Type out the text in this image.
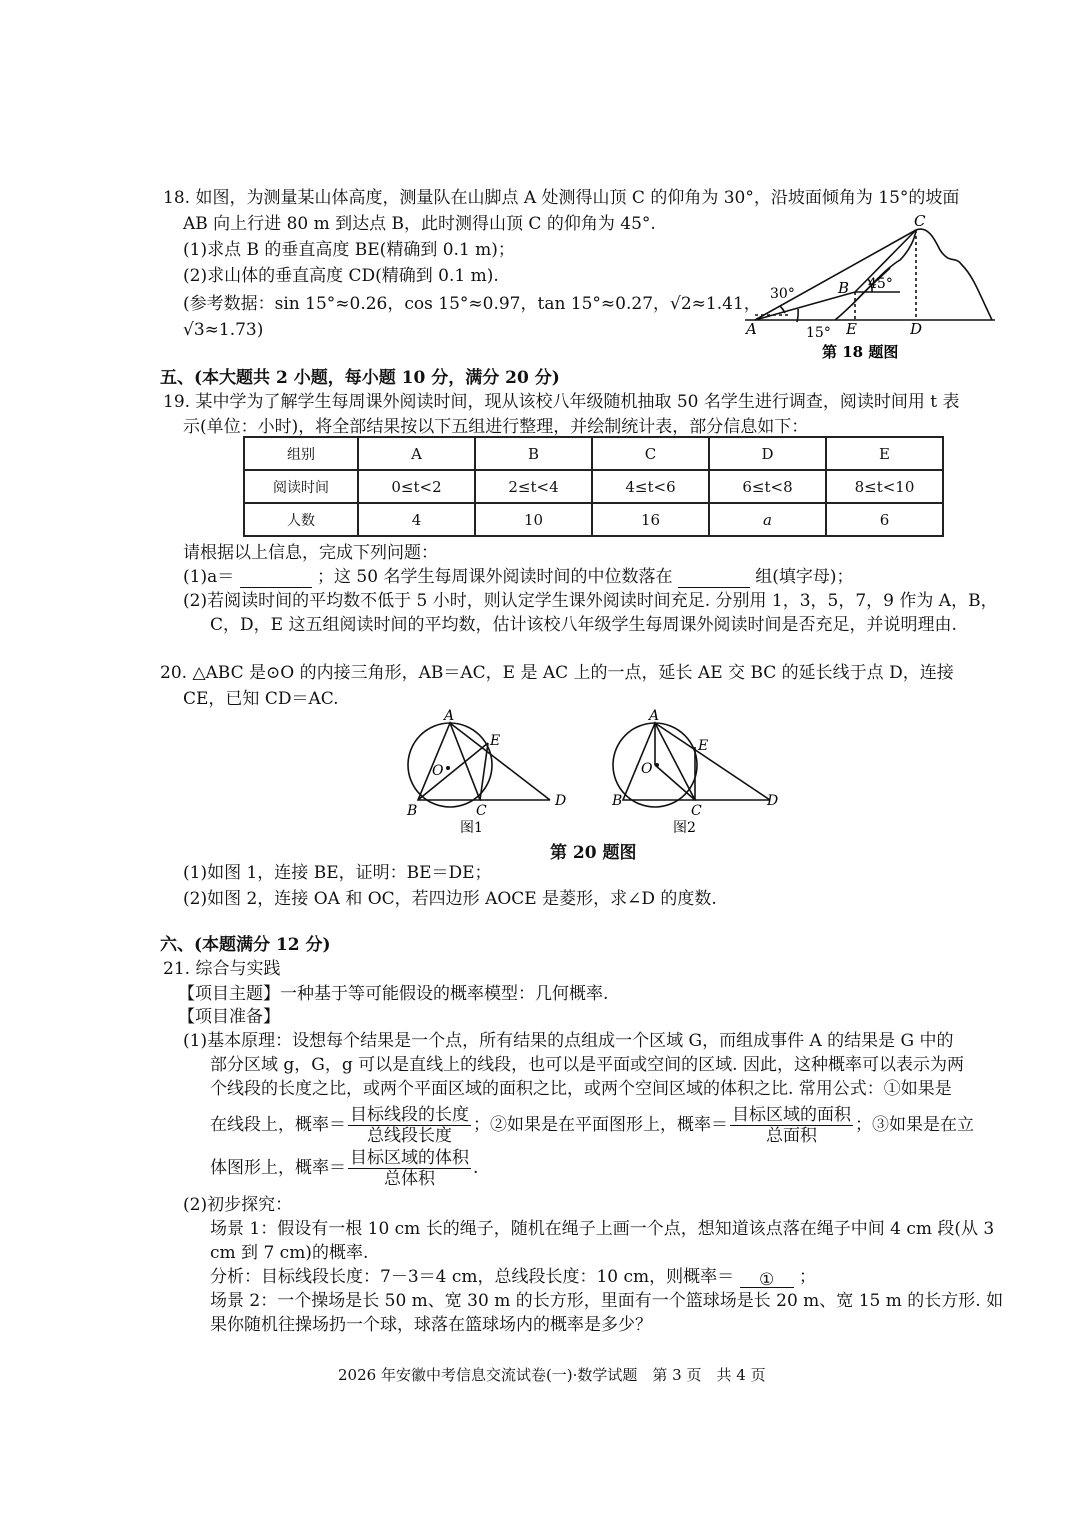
18. 如图，为测量某山体高度，测量队在山脚点 A 处测得山顶 C 的仰角为 30°，沿坡面倾角为 15°的坡面
AB 向上行进 80 m 到达点 B，此时测得山顶 C 的仰角为 45°.
(1)求点 B 的垂直高度 BE(精确到 0.1 m)；
(2)求山体的垂直高度 CD(精确到 0.1 m).
(参考数据：sin 15°≈0.26，cos 15°≈0.97，tan 15°≈0.27，√2≈1.41，
√3≈1.73)
C
B
A	E	D
30°
45°
15°
第 18 题图
五、(本大题共 2 小题，每小题 10 分，满分 20 分)
19. 某中学为了解学生每周课外阅读时间，现从该校八年级随机抽取 50 名学生进行调查，阅读时间用 t 表
示(单位：小时)，将全部结果按以下五组进行整理，并绘制统计表，部分信息如下：
组别	A	B	C	D	E
阅读时间	0≤t<2	2≤t<4	4≤t<6	6≤t<8	8≤t<10
人数	4	10	16	a	6
请根据以上信息，完成下列问题：
(1)a＝	；这 50 名学生每周课外阅读时间的中位数落在	组(填字母)；
(2)若阅读时间的平均数不低于 5 小时，则认定学生课外阅读时间充足. 分别用 1，3，5，7，9 作为 A，B，
C，D，E 这五组阅读时间的平均数，估计该校八年级学生每周课外阅读时间是否充足，并说明理由.
20. △ABC 是⊙O 的内接三角形，AB＝AC，E 是 AC 上的一点，延长 AE 交 BC 的延长线于点 D，连接
CE，已知 CD＝AC.
A
E
O
B	C
D
图1
A
E
O
B
C
D
图2
第 20 题图
(1)如图 1，连接 BE，证明：BE＝DE；
(2)如图 2，连接 OA 和 OC，若四边形 AOCE 是菱形，求∠D 的度数.
六、(本题满分 12 分)
21. 综合与实践
【项目主题】一种基于等可能假设的概率模型：几何概率.
【项目准备】
(1)基本原理：设想每个结果是一个点，所有结果的点组成一个区域 G，而组成事件 A 的结果是 G 中的
部分区域 g，G，g 可以是直线上的线段，也可以是平面或空间的区域. 因此，这种概率可以表示为两
个线段的长度之比，或两个平面区域的面积之比，或两个空间区域的体积之比. 常用公式：①如果是
在线段上，概率＝ $\frac{\text{目标线段的长度}}{\text{总线段长度}}$ ；②如果是在平面图形上，概率＝ $\frac{\text{目标区域的面积}}{\text{总面积}}$ ；③如果是在立
体图形上，概率＝ $\frac{\text{目标区域的体积}}{\text{总体积}}$ .
(2)初步探究：
场景 1：假设有一根 10 cm 长的绳子，随机在绳子上画一个点，想知道该点落在绳子中间 4 cm 段(从 3
cm 到 7 cm)的概率.
分析：目标线段长度：7－3＝4 cm，总线段长度：10 cm，则概率＝ ① ；
场景 2：一个操场是长 50 m、宽 30 m 的长方形，里面有一个篮球场是长 20 m、宽 15 m 的长方形. 如
果你随机往操场扔一个球，球落在篮球场内的概率是多少？
2026 年安徽中考信息交流试卷(一)·数学试题　第 3 页　共 4 页
